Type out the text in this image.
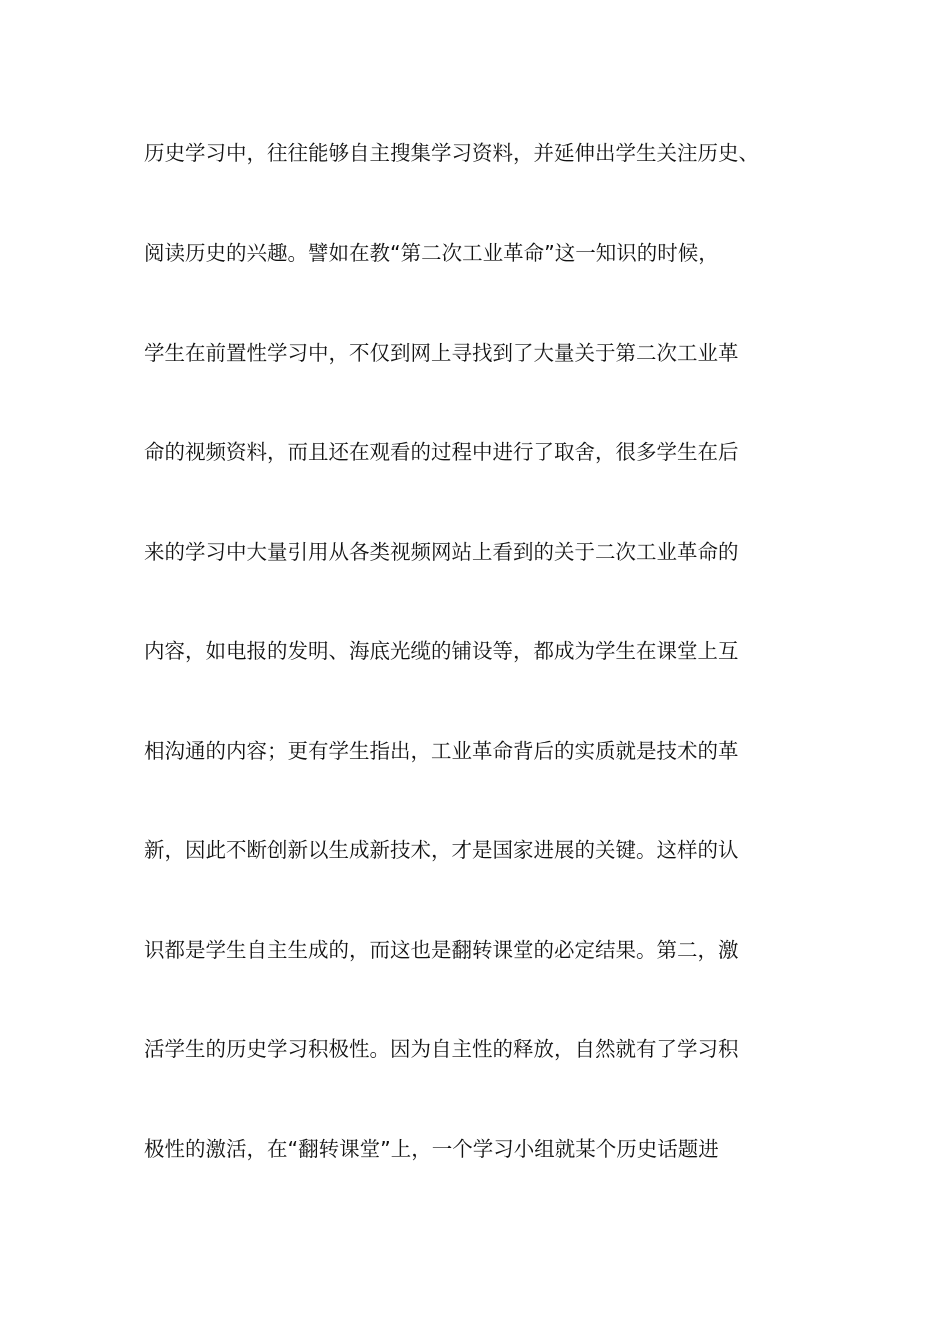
历史学习中，往往能够自主搜集学习资料，并延伸出学生关注历史、
阅读历史的兴趣。譬如在教“第二次工业革命”这一知识的时候，
学生在前置性学习中，不仅到网上寻找到了大量关于第二次工业革
命的视频资料，而且还在观看的过程中进行了取舍，很多学生在后
来的学习中大量引用从各类视频网站上看到的关于二次工业革命的
内容，如电报的发明、海底光缆的铺设等，都成为学生在课堂上互
相沟通的内容；更有学生指出，工业革命背后的实质就是技术的革
新，因此不断创新以生成新技术，才是国家进展的关键。这样的认
识都是学生自主生成的，而这也是翻转课堂的必定结果。第二，激
活学生的历史学习积极性。因为自主性的释放，自然就有了学习积
极性的激活，在“翻转课堂”上，一个学习小组就某个历史话题进
